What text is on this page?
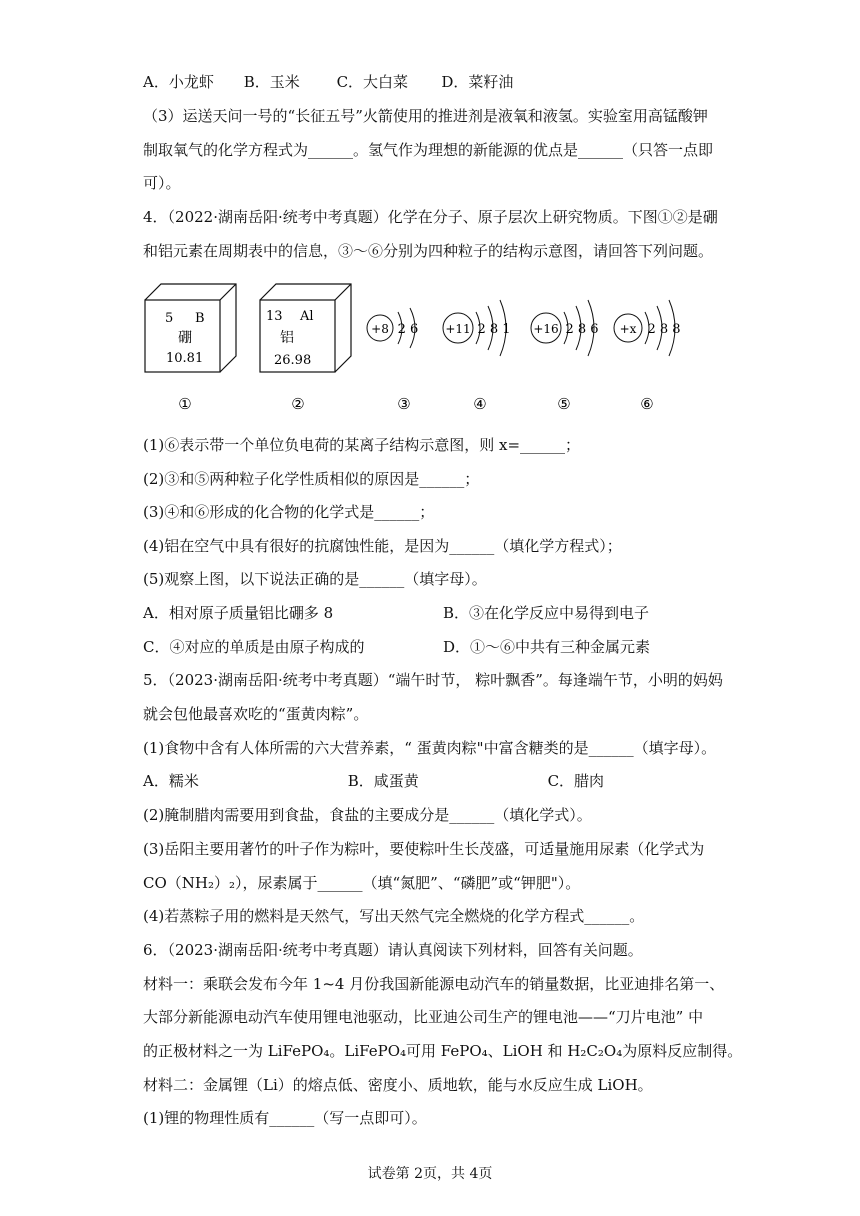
A．小龙虾 B．玉米 C．大白菜 D．菜籽油
（3）运送天问一号的“长征五号”火箭使用的推进剂是液氧和液氢。实验室用高锰酸钾
制取氧气的化学方程式为______。氢气作为理想的新能源的优点是______（只答一点即
可）。
4．（2022·湖南岳阳·统考中考真题）化学在分子、原子层次上研究物质。下图①②是硼
和铝元素在周期表中的信息，③～⑥分别为四种粒子的结构示意图，请回答下列问题。
5 B
硼
10.81
13 Al
铝
26.98
+8 2 6 +11 2 8 1 +16 2 8 6 +x 2 8 8
①	②	③	④	⑤	⑥
(1)⑥表示带一个单位负电荷的某离子结构示意图，则 x=______；
(2)③和⑤两种粒子化学性质相似的原因是______；
(3)④和⑥形成的化合物的化学式是______；
(4)铝在空气中具有很好的抗腐蚀性能，是因为______（填化学方程式）；
(5)观察上图，以下说法正确的是______（填字母）。
A．相对原子质量铝比硼多 8	B．③在化学反应中易得到电子
C．④对应的单质是由原子构成的	D．①～⑥中共有三种金属元素
5．（2023·湖南岳阳·统考中考真题）“端午时节， 粽叶飘香”。每逢端午节，小明的妈妈
就会包他最喜欢吃的“蛋黄肉粽”。
(1)食物中含有人体所需的六大营养素，“ 蛋黄肉粽"中富含糖类的是______（填字母）。
A．糯米	B．咸蛋黄	C．腊肉
(2)腌制腊肉需要用到食盐，食盐的主要成分是______（填化学式）。
(3)岳阳主要用著竹的叶子作为粽叶，要使粽叶生长茂盛，可适量施用尿素（化学式为
CO（NH₂）₂），尿素属于______（填“氮肥”、“磷肥”或“钾肥"）。
(4)若蒸粽子用的燃料是天然气，写出天然气完全燃烧的化学方程式______。
6．（2023·湖南岳阳·统考中考真题）请认真阅读下列材料，回答有关问题。
材料一：乘联会发布今年 1~4 月份我国新能源电动汽车的销量数据，比亚迪排名第一、
大部分新能源电动汽车使用锂电池驱动，比亚迪公司生产的锂电池——“刀片电池” 中
的正极材料之一为 LiFePO₄。LiFePO₄可用 FePO₄、LiOH 和 H₂C₂O₄为原料反应制得。
材料二：金属锂（Li）的熔点低、密度小、质地软，能与水反应生成 LiOH。
(1)锂的物理性质有______（写一点即可）。
试卷第 2页，共 4页
